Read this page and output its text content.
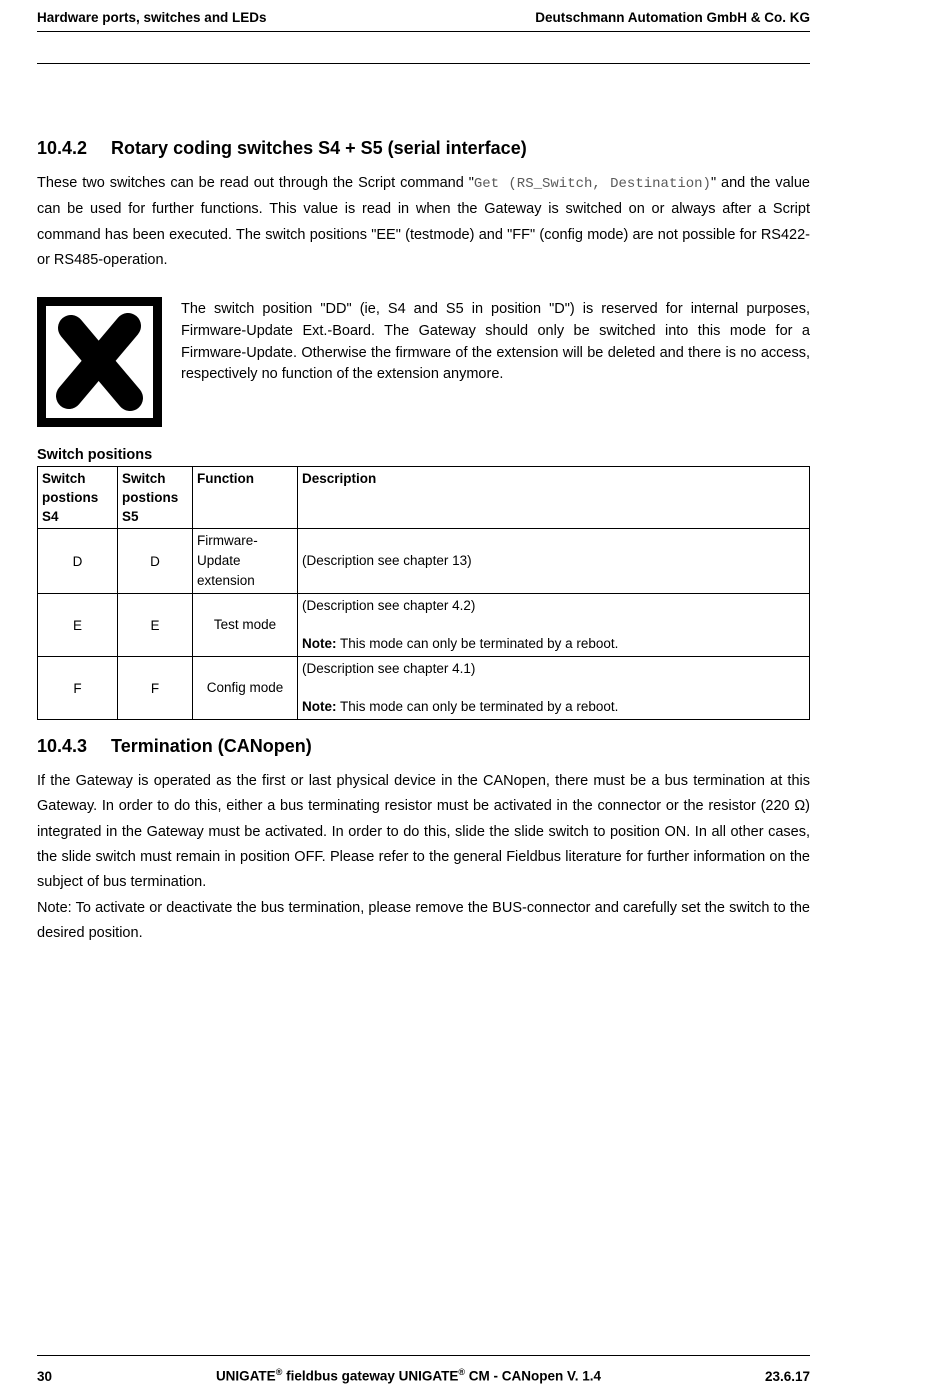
Hardware ports, switches and LEDs	Deutschmann Automation GmbH & Co. KG
10.4.2 Rotary coding switches S4 + S5 (serial interface)

These two switches can be read out through the Script command "Get (RS_Switch, Destination)" and the value can be used for further functions. This value is read in when the Gateway is switched on or always after a Script command has been executed. The switch positions "EE" (testmode) and "FF" (config mode) are not possible for RS422- or RS485-operation.

The switch position "DD" (ie, S4 and S5 in position "D") is reserved for internal purposes, Firmware-Update Ext.-Board. The Gateway should only be switched into this mode for a Firmware-Update. Otherwise the firmware of the extension will be deleted and there is no access, respectively no function of the extension anymore.
Switch positions
Switch
postions
S4	Switch
postions
S5	Function	Description
D	D	Firmware-
Update
extension	(Description see chapter 13)
E	E	Test mode	(Description see chapter 4.2)
Note: This mode can only be terminated by a reboot.

F	F	Config mode	(Description see chapter 4.1)
Note: This mode can only be terminated by a reboot.
10.4.3 Termination (CANopen)

If the Gateway is operated as the first or last physical device in the CANopen, there must be a bus termination at this Gateway. In order to do this, either a bus terminating resistor must be activated in the connector or the resistor (220 Ω) integrated in the Gateway must be activated. In order to do this, slide the slide switch to position ON. In all other cases, the slide switch must remain in position OFF. Please refer to the general Fieldbus literature for further information on the subject of bus termination.

Note: To activate or deactivate the bus termination, please remove the BUS-connector and carefully set the switch to the desired position.

30	UNIGATE® fieldbus gateway UNIGATE® CM - CANopen V. 1.4	23.6.17
